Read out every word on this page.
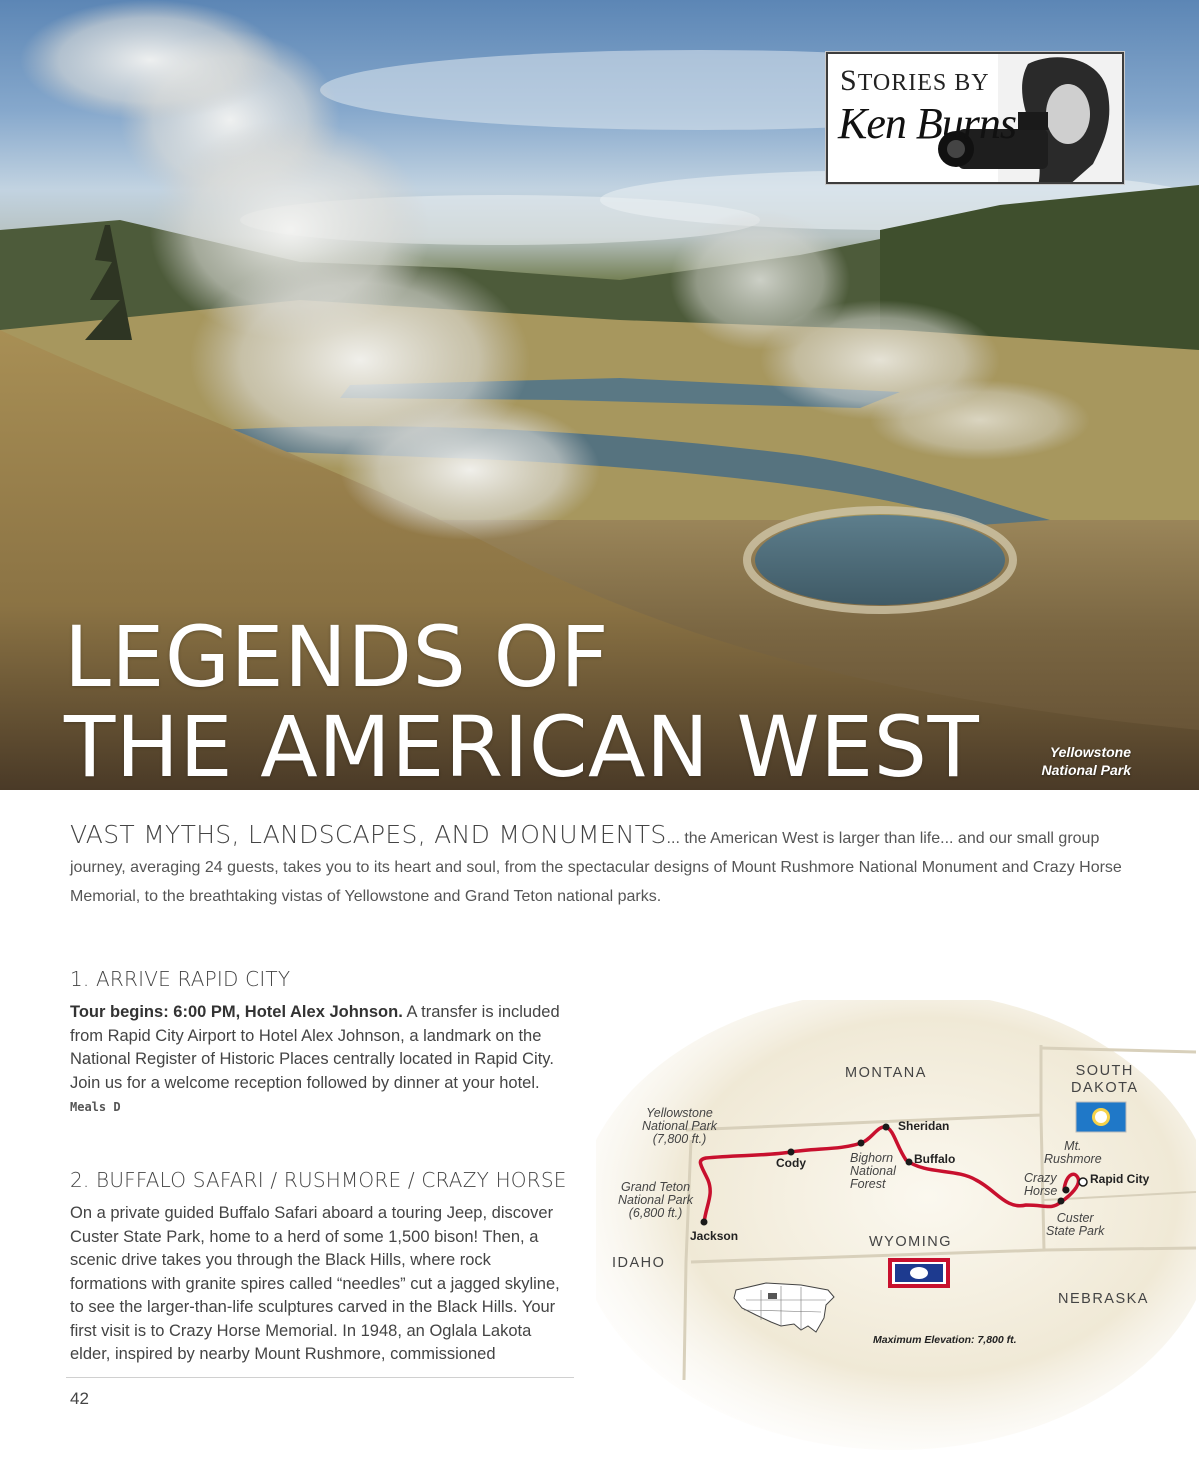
STORIES BY
Ken Burns
LEGENDS OF
THE AMERICAN WEST	Yellowstone
National Park
VAST MYTHS, LANDSCAPES, AND MONUMENTS... the American West is larger than life... and our small group journey, averaging 24 guests, takes you to its heart and soul, from the spectacular designs of Mount Rushmore National Monument and Crazy Horse Memorial, to the breathtaking vistas of Yellowstone and Grand Teton national parks.
1. ARRIVE RAPID CITY

Tour begins: 6:00 PM, Hotel Alex Johnson. A transfer is included from Rapid City Airport to Hotel Alex Johnson, a landmark on the National Register of Historic Places centrally located in Rapid City. Join us for a welcome reception followed by dinner at your hotel. Meals D

2. BUFFALO SAFARI / RUSHMORE / CRAZY HORSE

On a private guided Buffalo Safari aboard a touring Jeep, discover Custer State Park, home to a herd of some 1,500 bison! Then, a scenic drive takes you through the Black Hills, where rock formations with granite spires called “needles” cut a jagged skyline, to see the larger-than-life sculptures carved in the Black Hills. Your first visit is to Crazy Horse Memorial. In 1948, an Oglala Lakota elder, inspired by nearby Mount Rushmore, commissioned

42
MONTANA	SOUTH
DAKOTA
WYOMING
IDAHO
NEBRASKA
Yellowstone
National Park
(7,800 ft.)
Grand Teton
National Park
(6,800 ft.)
Bighorn
National
Forest
Mt.
Rushmore
Crazy
Horse
Custer
State Park
Sheridan
Cody	Buffalo
Jackson
Rapid City
Maximum Elevation: 7,800 ft.
